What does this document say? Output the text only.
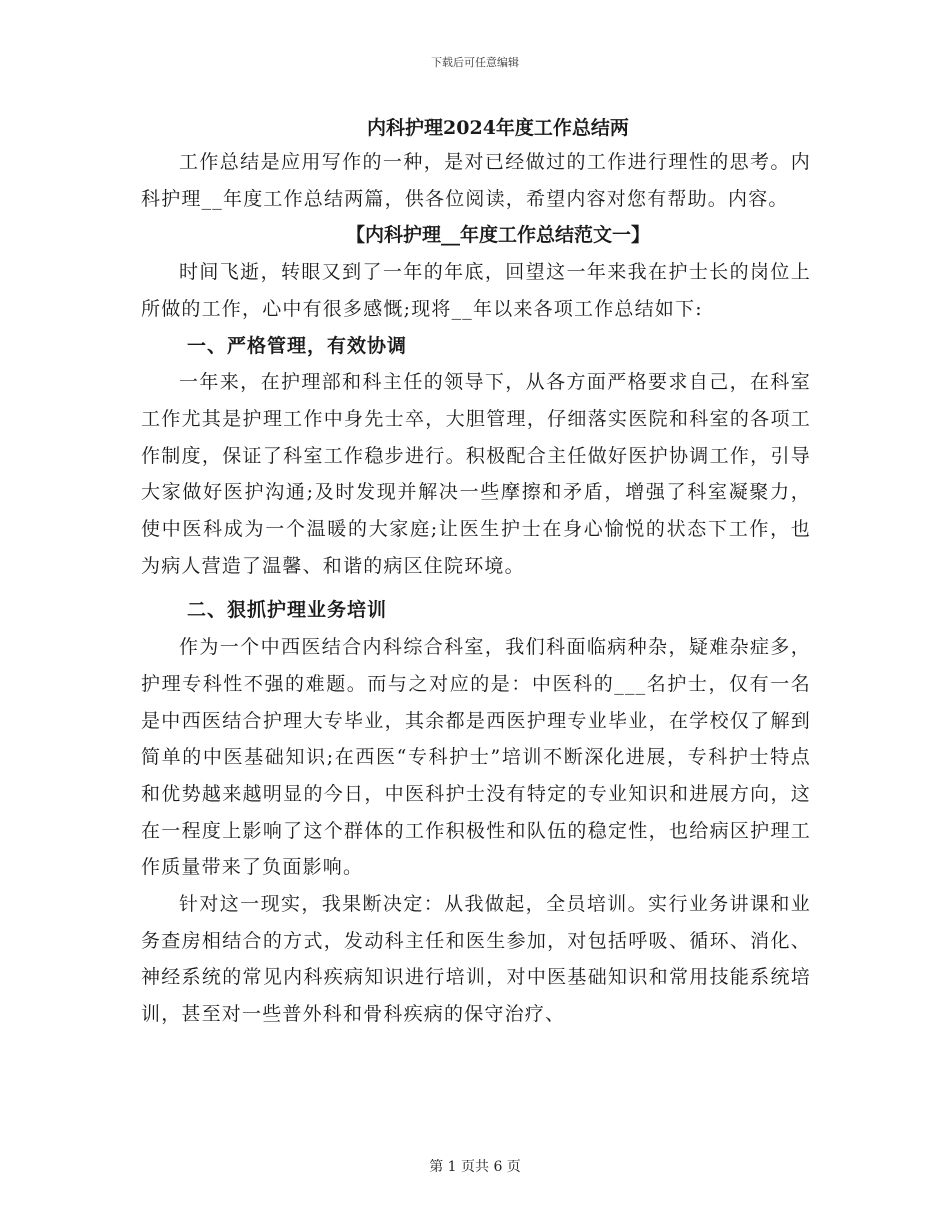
下载后可任意编辑
内科护理2024年度工作总结两

工作总结是应用写作的一种，是对已经做过的工作进行理性的思考。内科护理__年度工作总结两篇，供各位阅读，希望内容对您有帮助。内容。

【内科护理__年度工作总结范文一】

时间飞逝，转眼又到了一年的年底，回望这一年来我在护士长的岗位上所做的工作，心中有很多感慨;现将__年以来各项工作总结如下:

一、严格管理，有效协调

一年来，在护理部和科主任的领导下，从各方面严格要求自己，在科室工作尤其是护理工作中身先士卒，大胆管理，仔细落实医院和科室的各项工作制度，保证了科室工作稳步进行。积极配合主任做好医护协调工作，引导大家做好医护沟通;及时发现并解决一些摩擦和矛盾，增强了科室凝聚力，使中医科成为一个温暖的大家庭;让医生护士在身心愉悦的状态下工作，也为病人营造了温馨、和谐的病区住院环境。

二、狠抓护理业务培训

作为一个中西医结合内科综合科室，我们科面临病种杂，疑难杂症多，护理专科性不强的难题。而与之对应的是：中医科的___名护士，仅有一名是中西医结合护理大专毕业，其余都是西医护理专业毕业，在学校仅了解到简单的中医基础知识;在西医“专科护士”培训不断深化进展，专科护士特点和优势越来越明显的今日，中医科护士没有特定的专业知识和进展方向，这在一程度上影响了这个群体的工作积极性和队伍的稳定性，也给病区护理工作质量带来了负面影响。

针对这一现实，我果断决定：从我做起，全员培训。实行业务讲课和业务查房相结合的方式，发动科主任和医生参加，对包括呼吸、循环、消化、神经系统的常见内科疾病知识进行培训，对中医基础知识和常用技能系统培训，甚至对一些普外科和骨科疾病的保守治疗、

第 1 页共 6 页
